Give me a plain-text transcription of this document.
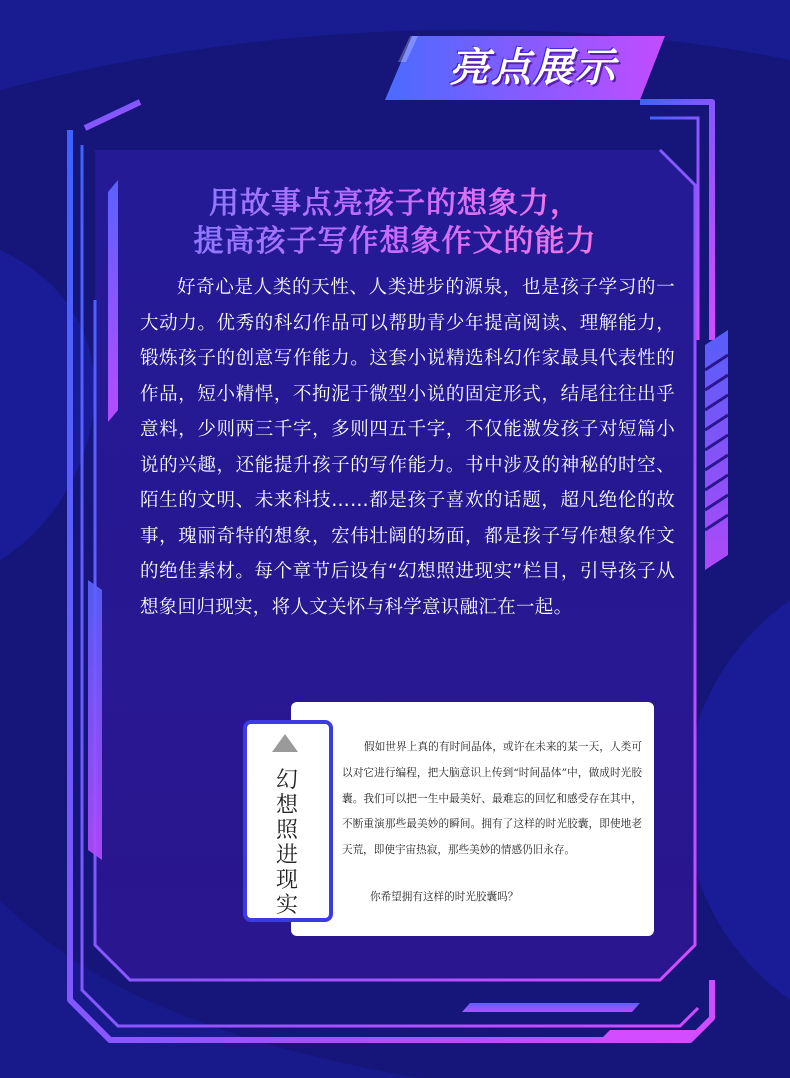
亮点展示
用故事点亮孩子的想象力，
提高孩子写作想象作文的能力
好奇心是人类的天性、人类进步的源泉，也是孩子学习的一大动力。优秀的科幻作品可以帮助青少年提高阅读、理解能力，锻炼孩子的创意写作能力。这套小说精选科幻作家最具代表性的作品，短小精悍，不拘泥于微型小说的固定形式，结尾往往出乎意料，少则两三千字，多则四五千字，不仅能激发孩子对短篇小说的兴趣，还能提升孩子的写作能力。书中涉及的神秘的时空、陌生的文明、未来科技……都是孩子喜欢的话题，超凡绝伦的故事，瑰丽奇特的想象，宏伟壮阔的场面，都是孩子写作想象作文的绝佳素材。每个章节后设有“幻想照进现实”栏目，引导孩子从想象回归现实，将人文关怀与科学意识融汇在一起。
假如世界上真的有时间晶体，或许在未来的某一天，人类可以对它进行编程，把大脑意识上传到“时间晶体”中，做成时光胶囊。我们可以把一生中最美好、最难忘的回忆和感受存在其中，不断重演那些最美妙的瞬间。拥有了这样的时光胶囊，即使地老天荒，即使宇宙热寂，那些美妙的情感仍旧永存。
你希望拥有这样的时光胶囊吗？
幻想照进现实
